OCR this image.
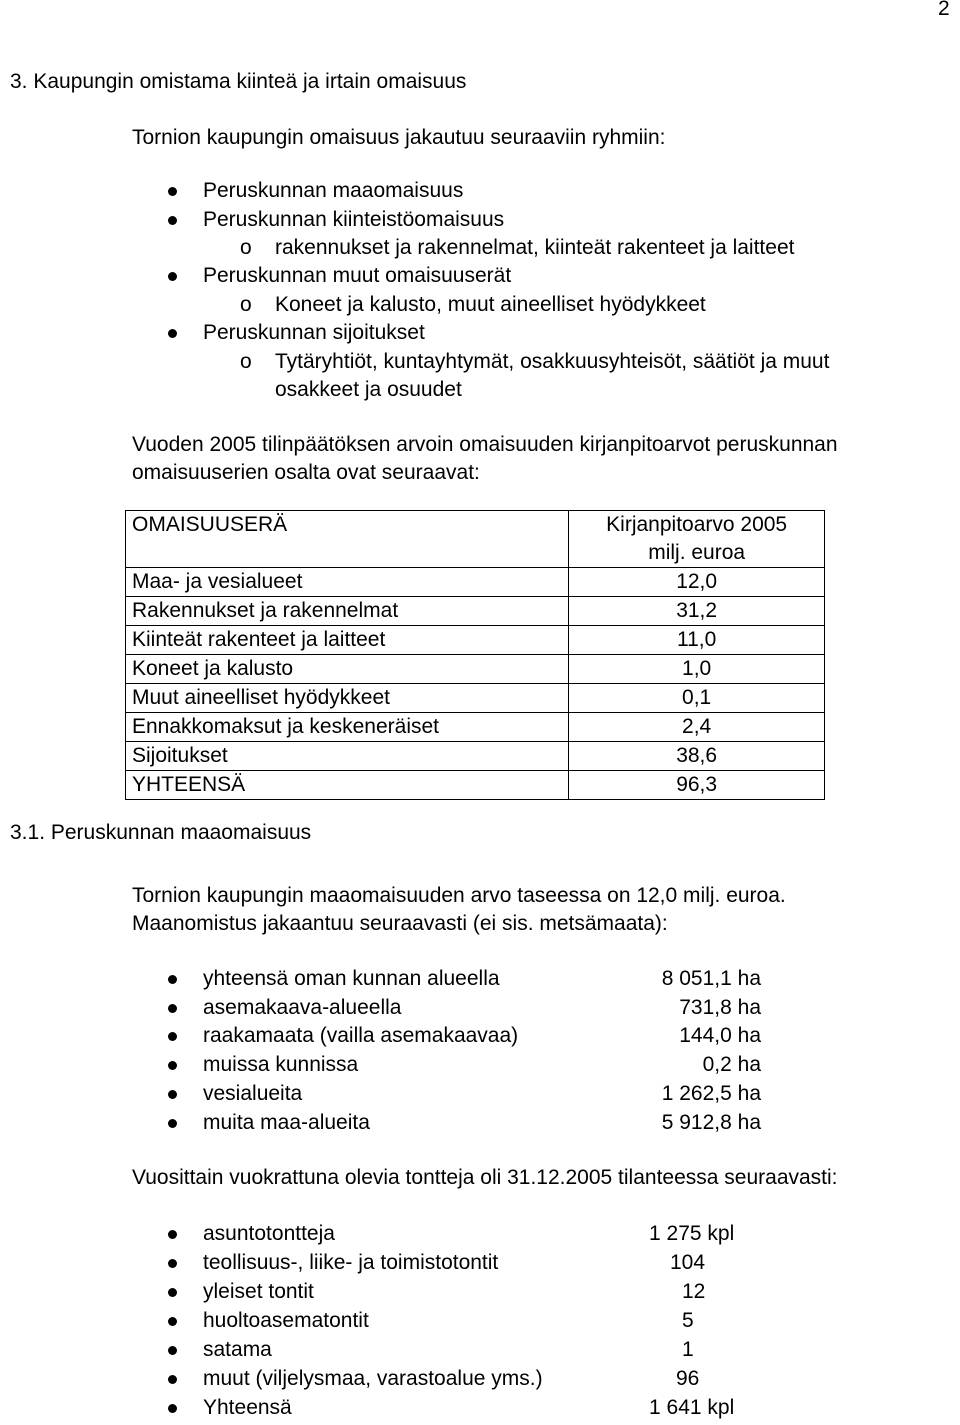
2
3. Kaupungin omistama kiinteä ja irtain omaisuus
Tornion kaupungin omaisuus jakautuu seuraaviin ryhmiin:
Peruskunnan maaomaisuus
Peruskunnan kiinteistöomaisuus
o rakennukset ja rakennelmat, kiinteät rakenteet ja laitteet
Peruskunnan muut omaisuuserät
o Koneet ja kalusto, muut aineelliset hyödykkeet
Peruskunnan sijoitukset
o Tytäryhtiöt, kuntayhtymät, osakkuusyhteisöt, säätiöt ja muut
osakkeet ja osuudet
Vuoden 2005 tilinpäätöksen arvoin omaisuuden kirjanpitoarvot peruskunnan
omaisuuserien osalta ovat seuraavat:
OMAISUUSERÄ	Kirjanpitoarvo 2005
milj. euroa

Maa- ja vesialueet	12,0
Rakennukset ja rakennelmat	31,2
Kiinteät rakenteet ja laitteet	11,0
Koneet ja kalusto	1,0
Muut aineelliset hyödykkeet	0,1
Ennakkomaksut ja keskeneräiset	2,4
Sijoitukset	38,6
YHTEENSÄ	96,3
3.1. Peruskunnan maaomaisuus
Tornion kaupungin maaomaisuuden arvo taseessa on 12,0 milj. euroa.
Maanomistus jakaantuu seuraavasti (ei sis. metsämaata):
yhteensä oman kunnan alueella	8 051,1 ha
asemakaava-alueella	731,8 ha
raakamaata (vailla asemakaavaa)	144,0 ha
muissa kunnissa	0,2 ha
vesialueita	1 262,5 ha
muita maa-alueita	5 912,8 ha
Vuosittain vuokrattuna olevia tontteja oli 31.12.2005 tilanteessa seuraavasti:
asuntotontteja	1 275 kpl
teollisuus-, liike- ja toimistotontit	104
yleiset tontit	12
huoltoasematontit	5
satama	1
muut (viljelysmaa, varastoalue yms.)	96
Yhteensä	1 641 kpl
